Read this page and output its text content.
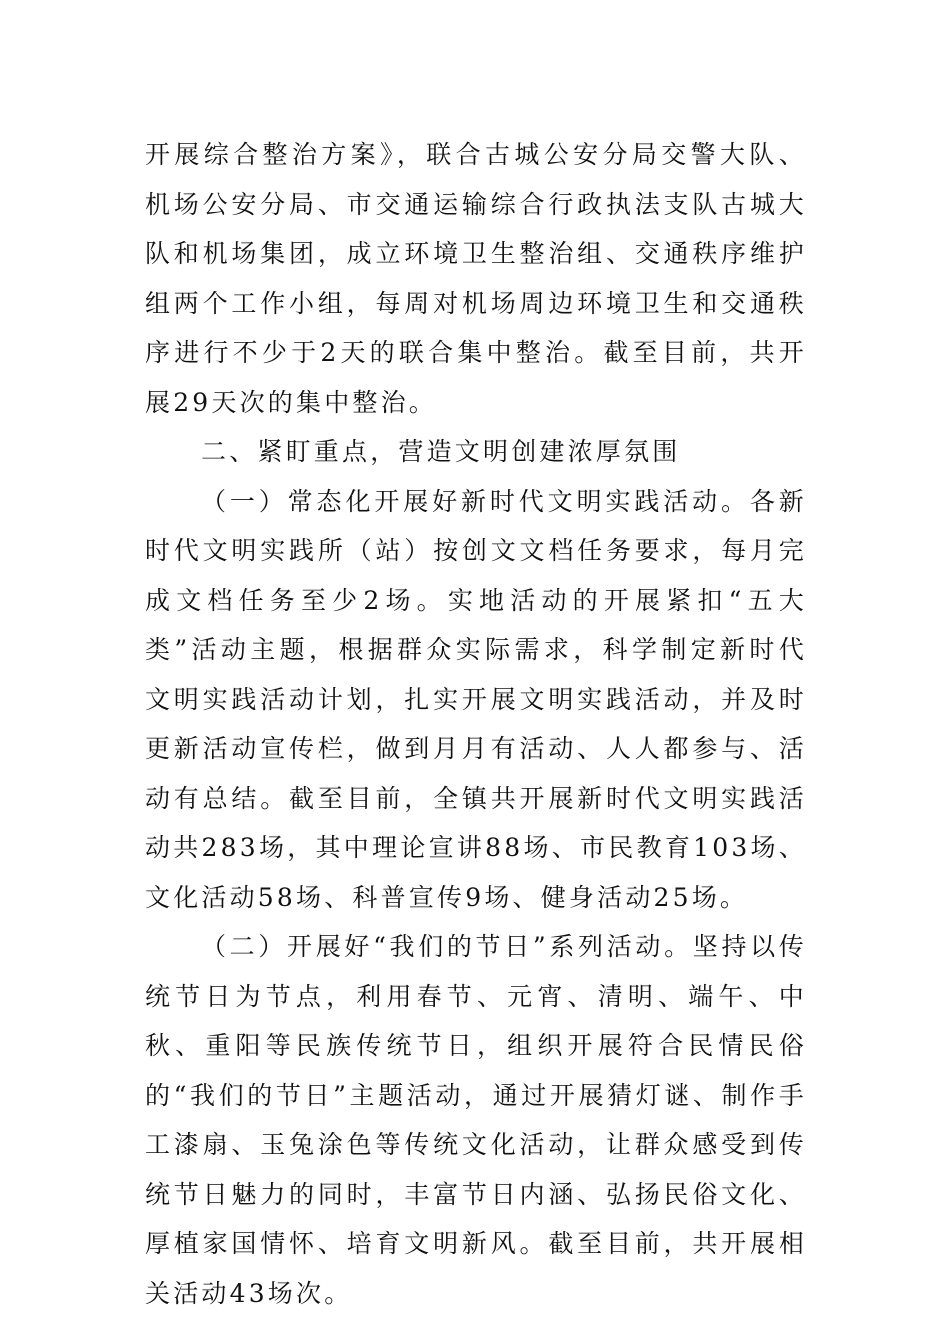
开展综合整治方案》，联合古城公安分局交警大队、机场公安分局、市交通运输综合行政执法支队古城大队和机场集团，成立环境卫生整治组、交通秩序维护组两个工作小组，每周对机场周边环境卫生和交通秩序进行不少于2天的联合集中整治。截至目前，共开展29天次的集中整治。

二、紧盯重点，营造文明创建浓厚氛围

（一）常态化开展好新时代文明实践活动。各新时代文明实践所（站）按创文文档任务要求，每月完成文档任务至少2场。实地活动的开展紧扣“五大类”活动主题，根据群众实际需求，科学制定新时代文明实践活动计划，扎实开展文明实践活动，并及时更新活动宣传栏，做到月月有活动、人人都参与、活动有总结。截至目前，全镇共开展新时代文明实践活动共283场，其中理论宣讲88场、市民教育103场、文化活动58场、科普宣传9场、健身活动25场。

（二）开展好“我们的节日”系列活动。坚持以传统节日为节点，利用春节、元宵、清明、端午、中秋、重阳等民族传统节日，组织开展符合民情民俗的“我们的节日”主题活动，通过开展猜灯谜、制作手工漆扇、玉兔涂色等传统文化活动，让群众感受到传统节日魅力的同时，丰富节日内涵、弘扬民俗文化、厚植家国情怀、培育文明新风。截至目前，共开展相关活动43场次。
